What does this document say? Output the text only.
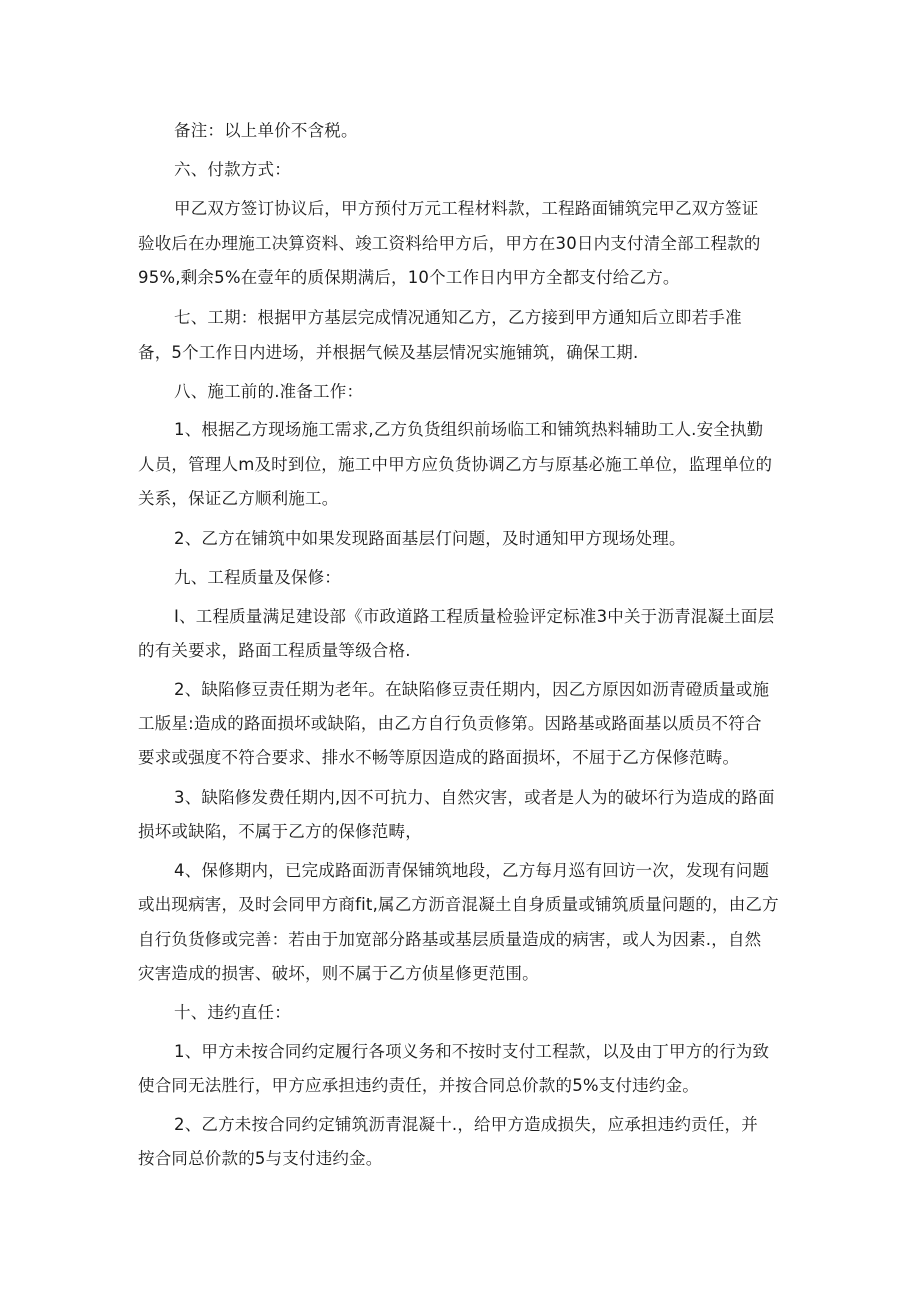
备注：以上单价不含税。
六、付款方式：
甲乙双方签订协议后，甲方预付万元工程材料款，工程路面铺筑完甲乙双方签证
验收后在办理施工决算资料、竣工资料给甲方后，甲方在30日内支付清全部工程款的
95%,剩余5%在壹年的质保期满后，10个工作日内甲方全都支付给乙方。
七、工期：根据甲方基层完成情况通知乙方，乙方接到甲方通知后立即若手准
备，5个工作日内进场，并根据气候及基层情况实施铺筑，确保工期.
八、施工前的.准备工作：
1、根据乙方现场施工需求,乙方负货组织前场临工和铺筑热料辅助工人.安全执勤
人员，管理人m及时到位，施工中甲方应负货协调乙方与原基必施工单位，监理单位的
关系，保证乙方顺利施工。
2、乙方在铺筑中如果发现路面基层仃问题，及时通知甲方现场处理。
九、工程质量及保修：
I、工程质量满足建设部《市政道路工程质量检验评定标准3中关于沥青混凝土面层
的有关要求，路面工程质量等级合格.
2、缺陷修豆责任期为老年。在缺陷修豆责任期内，因乙方原因如沥青磴质量或施
工版星:造成的路面损坏或缺陷，由乙方自行负贡修第。因路基或路面基以质员不符合
要求或强度不符合要求、排水不畅等原因造成的路面损坏，不屈于乙方保修范畴。
3、缺陷修发费任期内,因不可抗力、自然灾害，或者是人为的破坏行为造成的路面
损坏或缺陷，不属于乙方的保修范畴，
4、保修期内，已完成路面沥青保铺筑地段，乙方每月巡有回访一次，发现有问题
或出现病害，及时会同甲方商fit,属乙方沥音混凝土自身质量或铺筑质量问题的，由乙方
自行负货修或完善：若由于加宽部分路基或基层质量造成的病害，或人为因素.，自然
灾害造成的损害、破坏，则不属于乙方侦星修更范围。
十、违约直任：
1、甲方未按合同约定履行各项义务和不按时支付工程款，以及由丁甲方的行为致
使合同无法胜行，甲方应承担违约责任，并按合同总价款的5%支付违约金。
2、乙方未按合同约定铺筑沥青混凝十.，给甲方造成损失，应承担违约贡任，并
按合同总价款的5与支付违约金。
